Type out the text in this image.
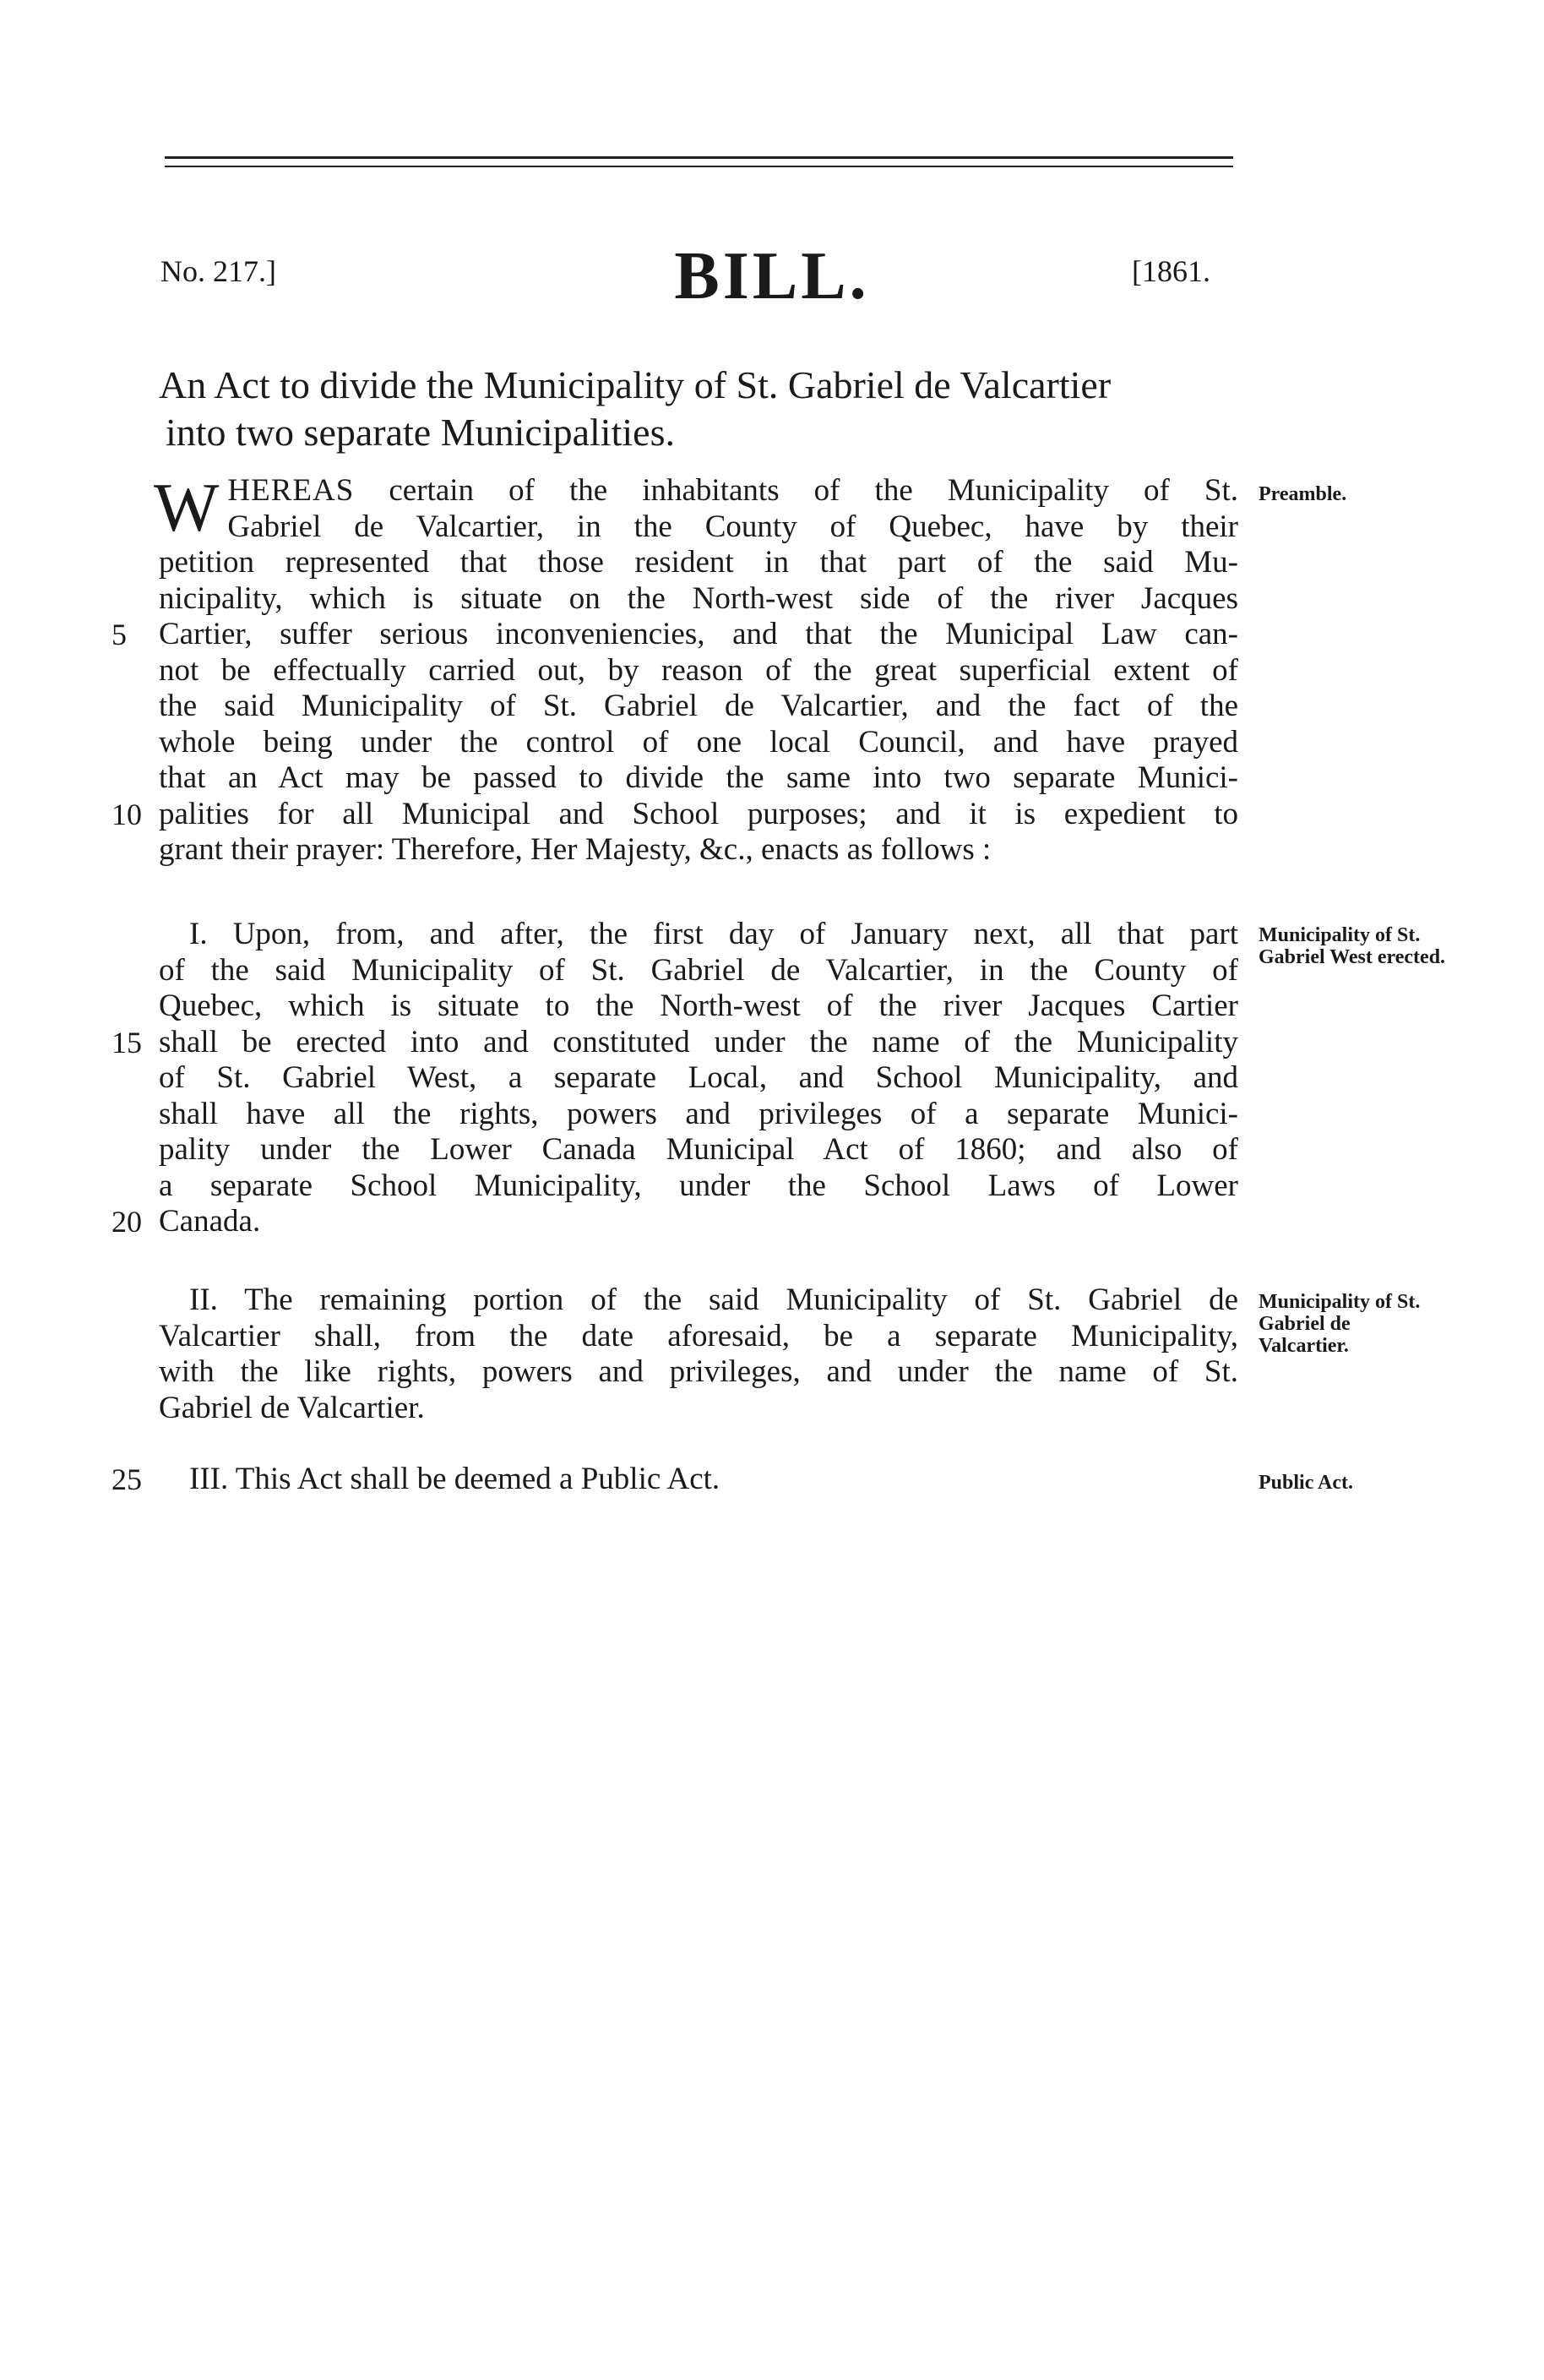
No. 217.]	BILL.	[1861.
An Act to divide the Municipality of St. Gabriel de Valcartier
into two separate Municipalities.
W HEREAS certain of the inhabitants of the Municipality of St.
Gabriel de Valcartier, in the County of Quebec, have by their
petition represented that those resident in that part of the said Mu-
nicipality, which is situate on the North-west side of the river Jacques
Cartier, suffer serious inconveniencies, and that the Municipal Law can-
not be effectually carried out, by reason of the great superficial extent of
the said Municipality of St. Gabriel de Valcartier, and the fact of the
whole being under the control of one local Council, and have prayed
that an Act may be passed to divide the same into two separate Munici-
palities for all Municipal and School purposes; and it is expedient to
grant their prayer: Therefore, Her Majesty, &c., enacts as follows :
I. Upon, from, and after, the first day of January next, all that part
of the said Municipality of St. Gabriel de Valcartier, in the County of
Quebec, which is situate to the North-west of the river Jacques Cartier
shall be erected into and constituted under the name of the Municipality
of St. Gabriel West, a separate Local, and School Municipality, and
shall have all the rights, powers and privileges of a separate Munici-
pality under the Lower Canada Municipal Act of 1860; and also of
a separate School Municipality, under the School Laws of Lower
Canada.
II. The remaining portion of the said Municipality of St. Gabriel de
Valcartier shall, from the date aforesaid, be a separate Municipality,
with the like rights, powers and privileges, and under the name of St.
Gabriel de Valcartier.
III. This Act shall be deemed a Public Act.
5
10
15
20
25
Preamble.
Municipality of St. Gabriel West erected.
Municipality of St. Gabriel de Valcartier.
Public Act.
